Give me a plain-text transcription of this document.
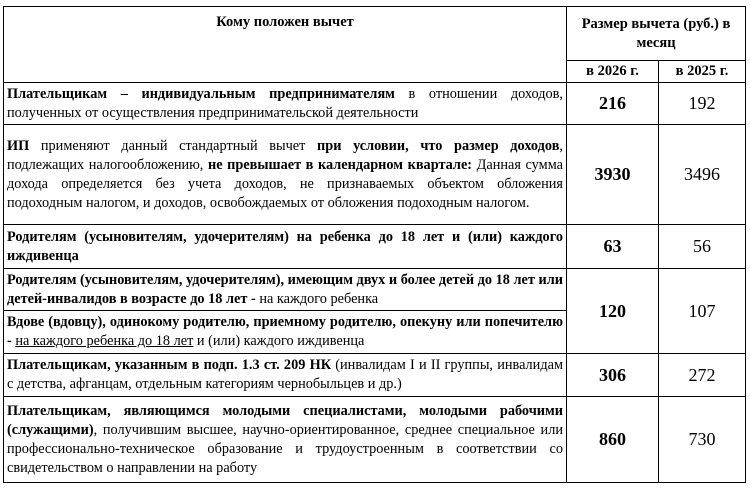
Кому положен вычет	Размер вычета (руб.) в месяц	
	в 2026 г.	в 2025 г.
Плательщикам – индивидуальным предпринимателям в отношении доходов, полученных от осуществления предпринимательской деятельности	216	192
ИП применяют данный стандартный вычет при условии, что размер доходов, подлежащих налогообложению, не превышает в календарном квартале: Данная сумма дохода определяется без учета доходов, не признаваемых объектом обложения подоходным налогом, и доходов, освобождаемых от обложения подоходным налогом.	3930	3496
Родителям (усыновителям, удочерителям) на ребенка до 18 лет и (или) каждого иждивенца	63	56
Родителям (усыновителям, удочерителям), имеющим двух и более детей до 18 лет или детей-инвалидов в возрасте до 18 лет - на каждого ребенка	120	107
Вдове (вдовцу), одинокому родителю, приемному родителю, опекуну или попечителю - на каждого ребенка до 18 лет и (или) каждого иждивенца		
Плательщикам, указанным в подп. 1.3 ст. 209 НК (инвалидам I и II группы, инвалидам с детства, афганцам, отдельным категориям чернобыльцев и др.)	306	272
Плательщикам, являющимся молодыми специалистами, молодыми рабочими (служащими), получившим высшее, научно-ориентированное, среднее специальное или профессионально-техническое образование и трудоустроенным в соответствии со свидетельством о направлении на работу	860	730
